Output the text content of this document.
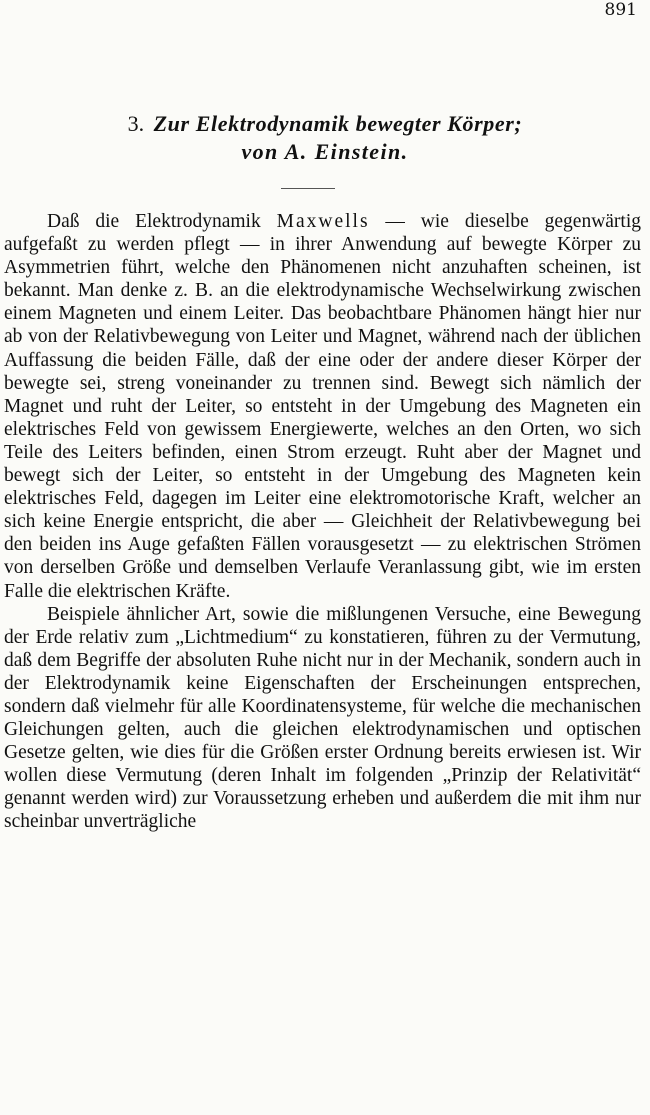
891
3. Zur Elektrodynamik bewegter Körper;
von A. Einstein.

Daß die Elektrodynamik Maxwells — wie dieselbe gegenwärtig aufgefaßt zu werden pflegt — in ihrer Anwendung auf bewegte Körper zu Asymmetrien führt, welche den Phänomenen nicht anzuhaften scheinen, ist bekannt. Man denke z. B. an die elektrodynamische Wechselwirkung zwischen einem Magneten und einem Leiter. Das beobachtbare Phänomen hängt hier nur ab von der Relativbewegung von Leiter und Magnet, während nach der üblichen Auffassung die beiden Fälle, daß der eine oder der andere dieser Körper der bewegte sei, streng voneinander zu trennen sind. Bewegt sich nämlich der Magnet und ruht der Leiter, so entsteht in der Umgebung des Magneten ein elektrisches Feld von gewissem Energiewerte, welches an den Orten, wo sich Teile des Leiters befinden, einen Strom erzeugt. Ruht aber der Magnet und bewegt sich der Leiter, so entsteht in der Umgebung des Magneten kein elektrisches Feld, dagegen im Leiter eine elektromotorische Kraft, welcher an sich keine Energie entspricht, die aber — Gleichheit der Relativbewegung bei den beiden ins Auge gefaßten Fällen vorausgesetzt — zu elektrischen Strömen von derselben Größe und demselben Verlaufe Veranlassung gibt, wie im ersten Falle die elektrischen Kräfte.

Beispiele ähnlicher Art, sowie die mißlungenen Versuche, eine Bewegung der Erde relativ zum „Lichtmedium“ zu konstatieren, führen zu der Vermutung, daß dem Begriffe der absoluten Ruhe nicht nur in der Mechanik, sondern auch in der Elektrodynamik keine Eigenschaften der Erscheinungen entsprechen, sondern daß vielmehr für alle Koordinatensysteme, für welche die mechanischen Gleichungen gelten, auch die gleichen elektrodynamischen und optischen Gesetze gelten, wie dies für die Größen erster Ordnung bereits erwiesen ist. Wir wollen diese Vermutung (deren Inhalt im folgenden „Prinzip der Relativität“ genannt werden wird) zur Voraussetzung erheben und außerdem die mit ihm nur scheinbar unverträgliche
